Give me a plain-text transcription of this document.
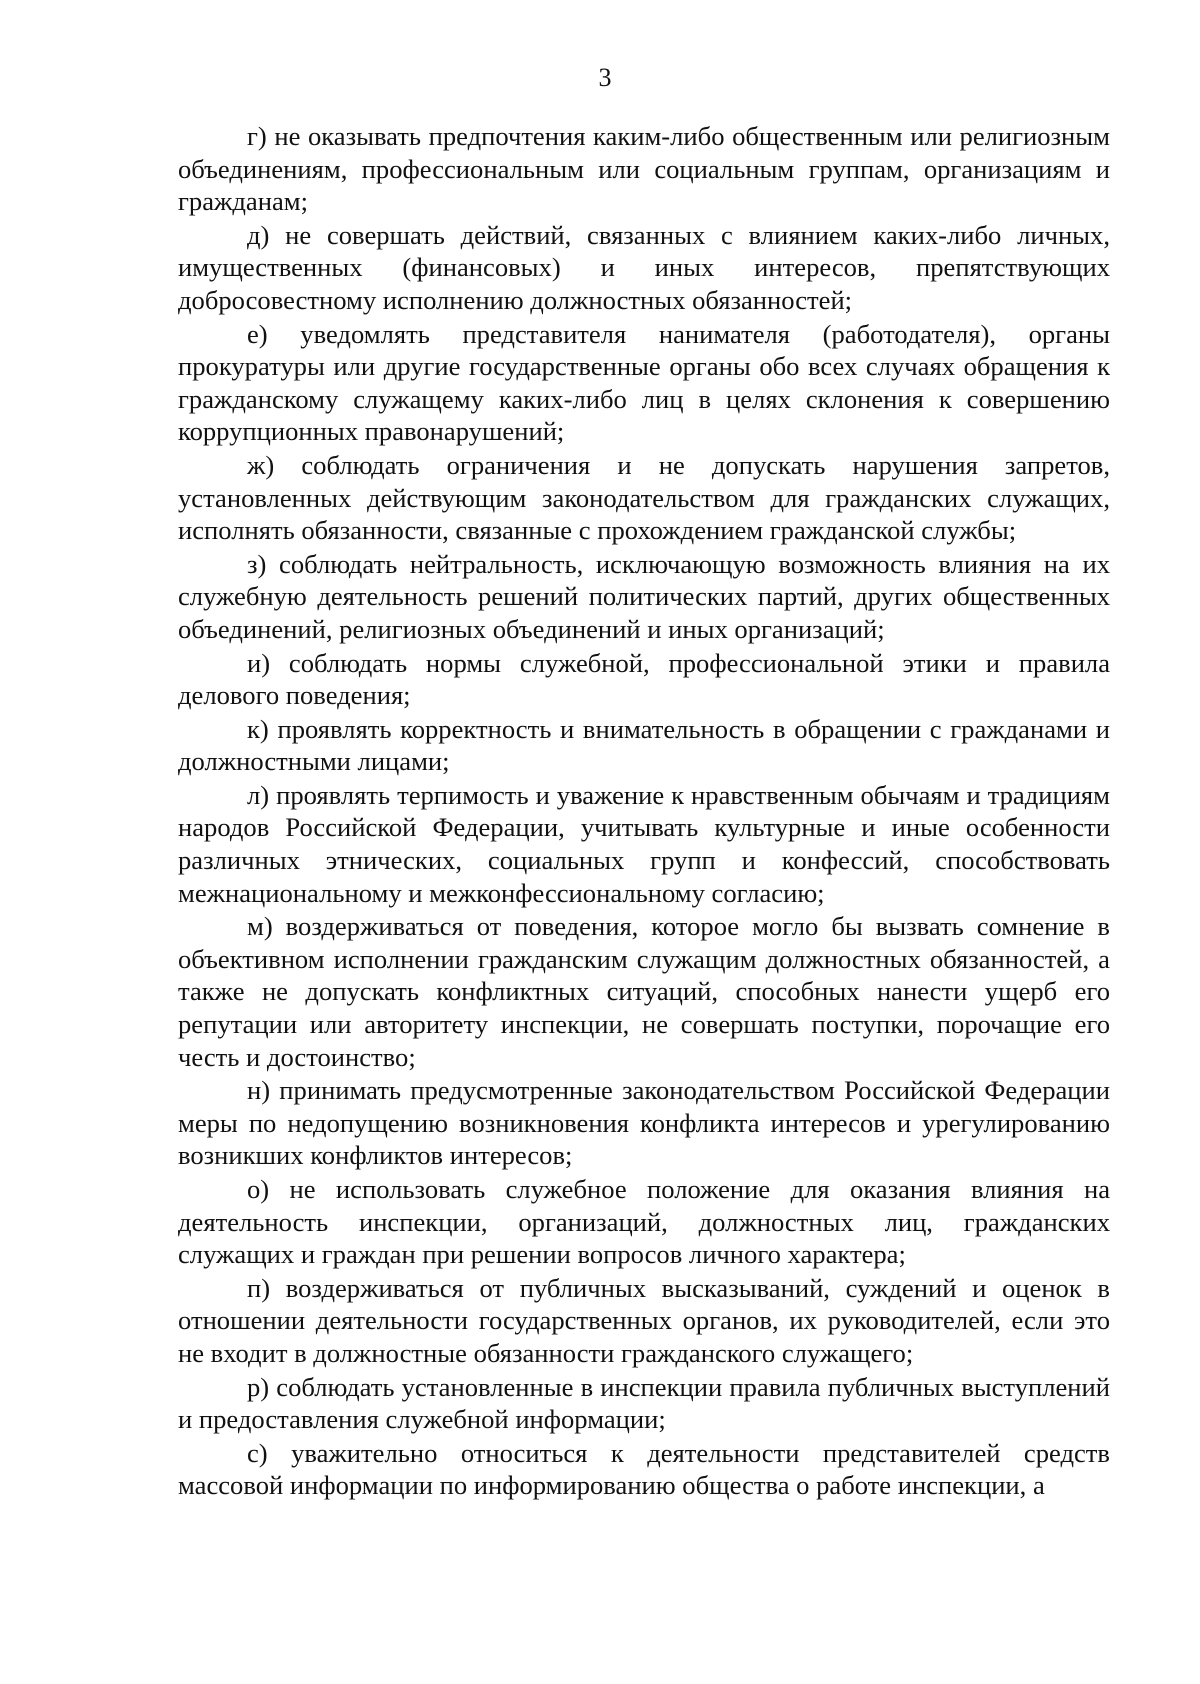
3

г) не оказывать предпочтения каким-либо общественным или религиозным объединениям, профессиональным или социальным группам, организациям и гражданам;

д) не совершать действий, связанных с влиянием каких-либо личных, имущественных (финансовых) и иных интересов, препятствующих добросовестному исполнению должностных обязанностей;

е) уведомлять представителя нанимателя (работодателя), органы прокуратуры или другие государственные органы обо всех случаях обращения к гражданскому служащему каких-либо лиц в целях склонения к совершению коррупционных правонарушений;

ж) соблюдать ограничения и не допускать нарушения запретов, установленных действующим законодательством для гражданских служащих, исполнять обязанности, связанные с прохождением гражданской службы;

з) соблюдать нейтральность, исключающую возможность влияния на их служебную деятельность решений политических партий, других общественных объединений, религиозных объединений и иных организаций;

и) соблюдать нормы служебной, профессиональной этики и правила делового поведения;

к) проявлять корректность и внимательность в обращении с гражданами и должностными лицами;

л) проявлять терпимость и уважение к нравственным обычаям и традициям народов Российской Федерации, учитывать культурные и иные особенности различных этнических, социальных групп и конфессий, способствовать межнациональному и межконфессиональному согласию;

м) воздерживаться от поведения, которое могло бы вызвать сомнение в объективном исполнении гражданским служащим должностных обязанностей, а также не допускать конфликтных ситуаций, способных нанести ущерб его репутации или авторитету инспекции, не совершать поступки, порочащие его честь и достоинство;

н) принимать предусмотренные законодательством Российской Федерации меры по недопущению возникновения конфликта интересов и урегулированию возникших конфликтов интересов;

о) не использовать служебное положение для оказания влияния на деятельность инспекции, организаций, должностных лиц, гражданских служащих и граждан при решении вопросов личного характера;

п) воздерживаться от публичных высказываний, суждений и оценок в отношении деятельности государственных органов, их руководителей, если это не входит в должностные обязанности гражданского служащего;

р) соблюдать установленные в инспекции правила публичных выступлений и предоставления служебной информации;

с) уважительно относиться к деятельности представителей средств массовой информации по информированию общества о работе инспекции, а
